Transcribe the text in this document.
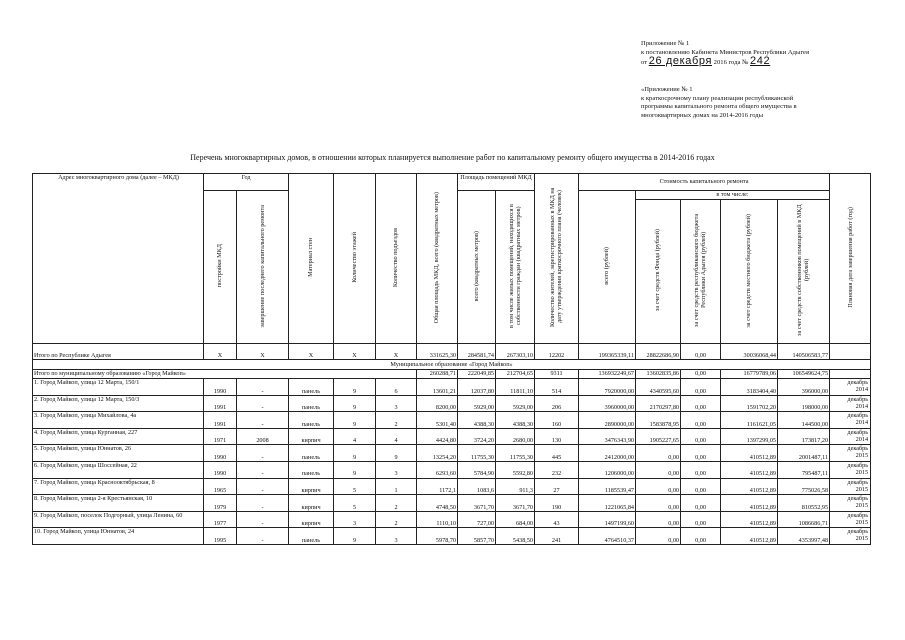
Приложение № 1
к постановлению Кабинета Министров Республики Адыгея
от 26 декабря 2016 года № 242
«Приложение № 1
к краткосрочному плану реализации республиканской
программы капитального ремонта общего имущества в
многоквартирных домах на 2014-2016 годы
Перечень многоквартирных домов, в отношении которых планируется выполнение работ по капитальному ремонту общего имущества в 2014-2016 годах
Адрес многоквартирного дома (далее – МКД)	Год		Материал стен	Количество этажей	Количество подъездов	Общая площадь МКД, всего (квадратных метров)	Площадь помещений МКД		Количество жителей, зарегистрированных в МКД на дату утверждения краткосрочного плана (человек)	Стоимость капитального ремонта					Плановая дата завершения работ (год)
	постройки МКД	завершение последнего капитального ремонта					всего (квадратных метров)	в том числе жилых помещений, находящихся в собственности граждан (квадратных метров)		всего (рублей)	в том числе:				
											за счет средств Фонда (рублей)	за счет средств республиканского бюджета Республики Адыгея (рублей)	за счет средств местного бюджета (рублей)	за счет средств собственников помещений в МКД (рублей)	
Итого по Республике Адыгея	X	X	X	X	X	331625,30	284581,74	267303,10	12202	199365339,11	28822686,90	0,00	30036068,44	140506583,77	
Муниципальное образование «Город Майкоп»															
Итого по муниципальному образованию «Город Майкоп»						260288,71	222049,85	212704,65	9311	136932249,67	13602835,86	0,00	16779789,06	106549624,75	
1. Город Майкоп, улица 12 Марта, 150/1	1990	-	панель	9	6	13601,21	12037,80	11811,10	514	7920000,00	4340595,60	0,00	3183404,40	396000,00	декабрь
2014

2. Город Майкоп, улица 12 Марта, 150/3	1991	-	панель	9	3	8200,00	5929,00	5929,00	206	3960000,00	2170297,80	0,00	1591702,20	198000,00	декабрь
2014

3. Город Майкоп, улица Михайлова, 4а	1991	-	панель	9	2	5301,40	4388,30	4388,30	160	2890000,00	1583878,95	0,00	1161621,05	144500,00	декабрь
2014

4. Город Майкоп, улица Курганная, 227	1971	2008	кирпич	4	4	4424,80	3724,20	2680,00	130	3476343,90	1905227,65	0,00	1397299,05	173817,20	декабрь
2014

5. Город Майкоп, улица Юннатов, 26	1990	-	панель	9	9	13254,20	11755,30	11755,30	445	2412000,00	0,00	0,00	410512,89	2001487,11	декабрь
2015

6. Город Майкоп, улица Шоссейная, 22	1990	-	панель	9	3	6293,60	5784,90	5592,80	232	1206000,00	0,00	0,00	410512,89	795487,11	декабрь
2015

7. Город Майкоп, улица Краснооктябрьская, 8	1965	-	кирпич	5	1	1172,1	1083,6	911,3	27	1185539,47	0,00	0,00	410512,89	775026,58	декабрь
2015

8. Город Майкоп, улица 2-я Крестьянская, 10	1979	-	кирпич	5	2	4748,50	3671,70	3671,70	190	1221065,84	0,00	0,00	410512,89	810552,95	декабрь
2015

9. Город Майкоп, поселок Подгорный, улица Ленина, 60	1977	-	кирпич	3	2	1110,10	727,00	684,00	43	1497199,60	0,00	0,00	410512,89	1086686,71	декабрь
2015

10. Город Майкоп, улица Юннатов, 24	1995	-	панель	9	3	5978,70	5857,70	5438,50	241	4764510,37	0,00	0,00	410512,89	4353997,48	декабрь
2015
